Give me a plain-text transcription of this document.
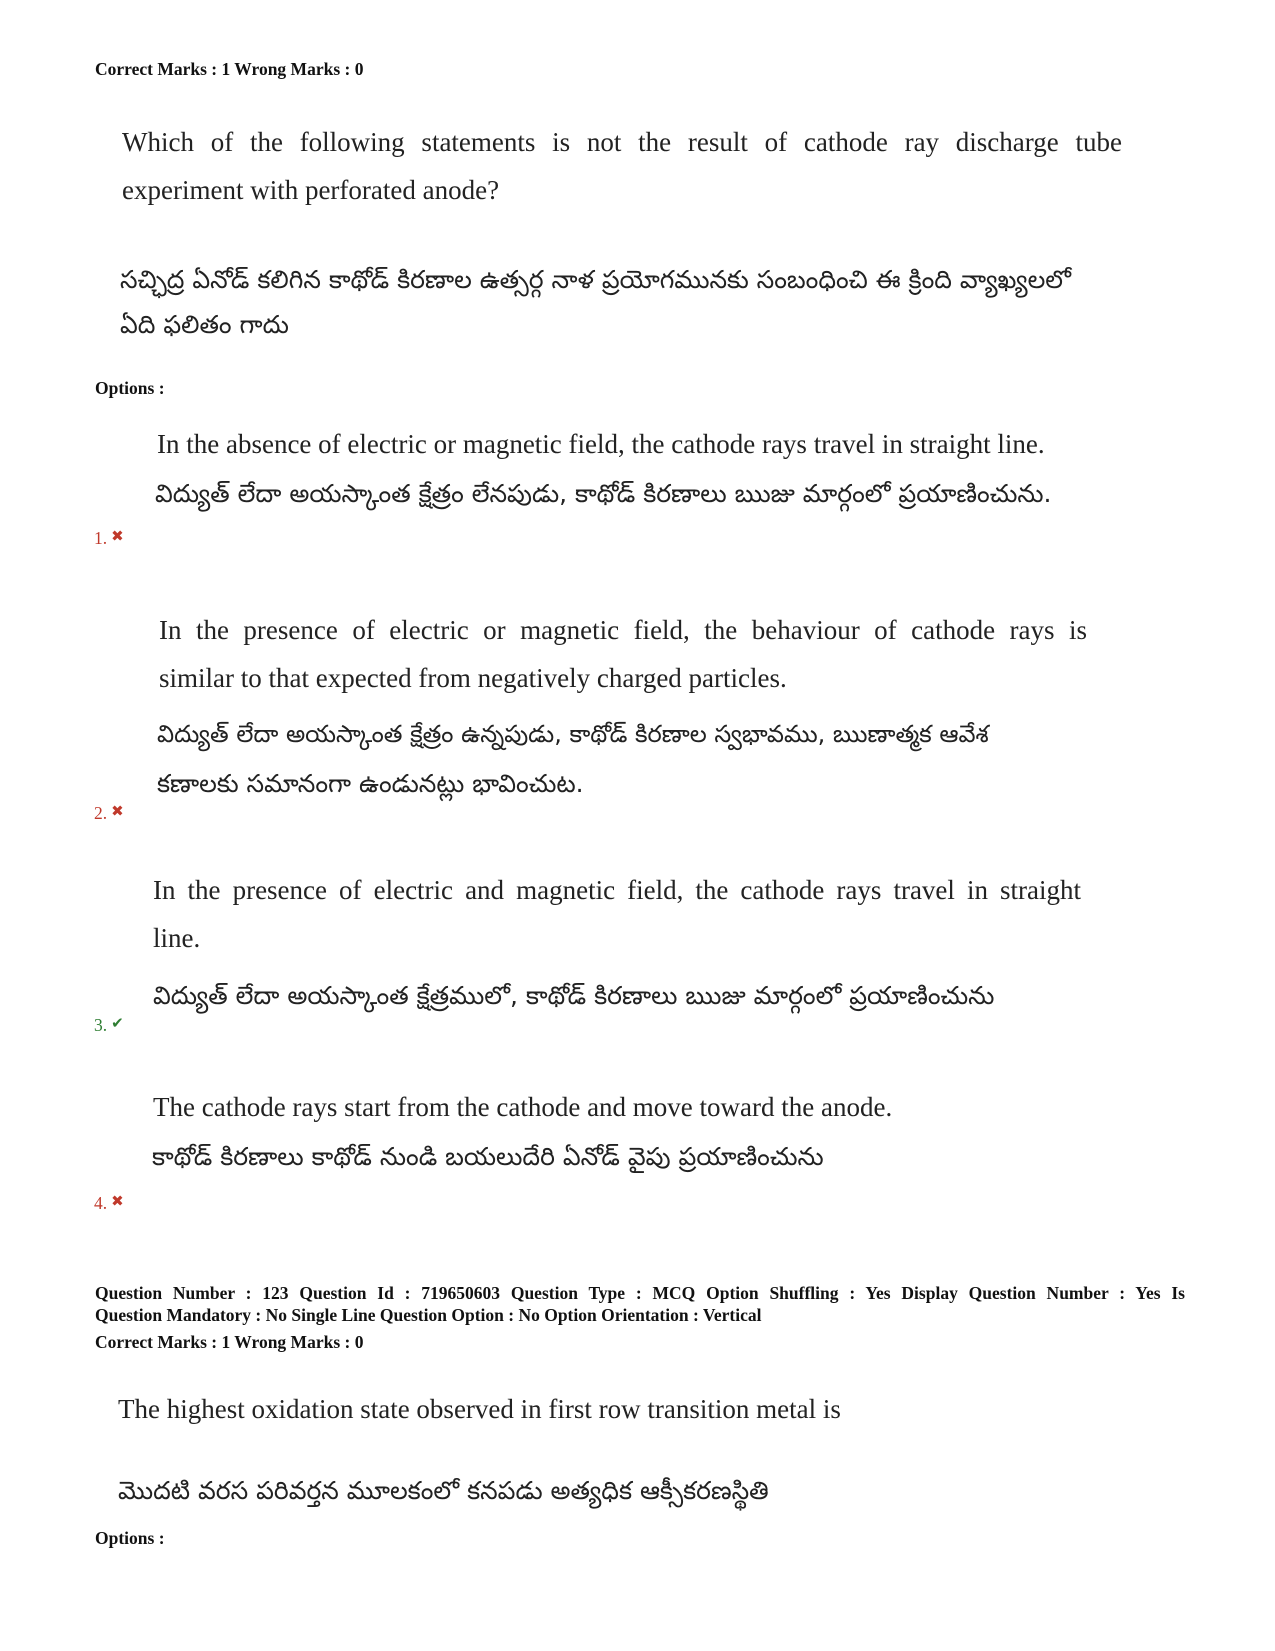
Correct Marks : 1 Wrong Marks : 0
Which of the following statements is not the result of cathode ray discharge tube
experiment with perforated anode?
సచ్ఛిద్ర ఏనోడ్ కలిగిన కాథోడ్ కిరణాల ఉత్సర్గ నాళ ప్రయోగమునకు సంబంధించి ఈ క్రింది వ్యాఖ్యలలో
ఏది ఫలితం గాదు
Options :
In the absence of electric or magnetic field, the cathode rays travel in straight line.
విద్యుత్ లేదా అయస్కాంత క్షేత్రం లేనపుడు, కాథోడ్ కిరణాలు ఋజు మార్గంలో ప్రయాణించును.
1. ✖
In the presence of electric or magnetic field, the behaviour of cathode rays is
similar to that expected from negatively charged particles.
విద్యుత్ లేదా అయస్కాంత క్షేత్రం ఉన్నపుడు, కాథోడ్ కిరణాల స్వభావము, ఋణాత్మక ఆవేశ
కణాలకు సమానంగా ఉండునట్లు భావించుట.
2. ✖
In the presence of electric and magnetic field, the cathode rays travel in straight
line.
విద్యుత్ లేదా అయస్కాంత క్షేత్రములో, కాథోడ్ కిరణాలు ఋజు మార్గంలో ప్రయాణించును
3. ✔
The cathode rays start from the cathode and move toward the anode.
కాథోడ్ కిరణాలు కాథోడ్ నుండి బయలుదేరి ఏనోడ్ వైపు ప్రయాణించును
4. ✖
Question Number : 123 Question Id : 719650603 Question Type : MCQ Option Shuffling : Yes Display Question Number : Yes Is
Question Mandatory : No Single Line Question Option : No Option Orientation : Vertical
Correct Marks : 1 Wrong Marks : 0
The highest oxidation state observed in first row transition metal is
మొదటి వరస పరివర్తన మూలకంలో కనపడు అత్యధిక ఆక్సీకరణస్థితి
Options :
